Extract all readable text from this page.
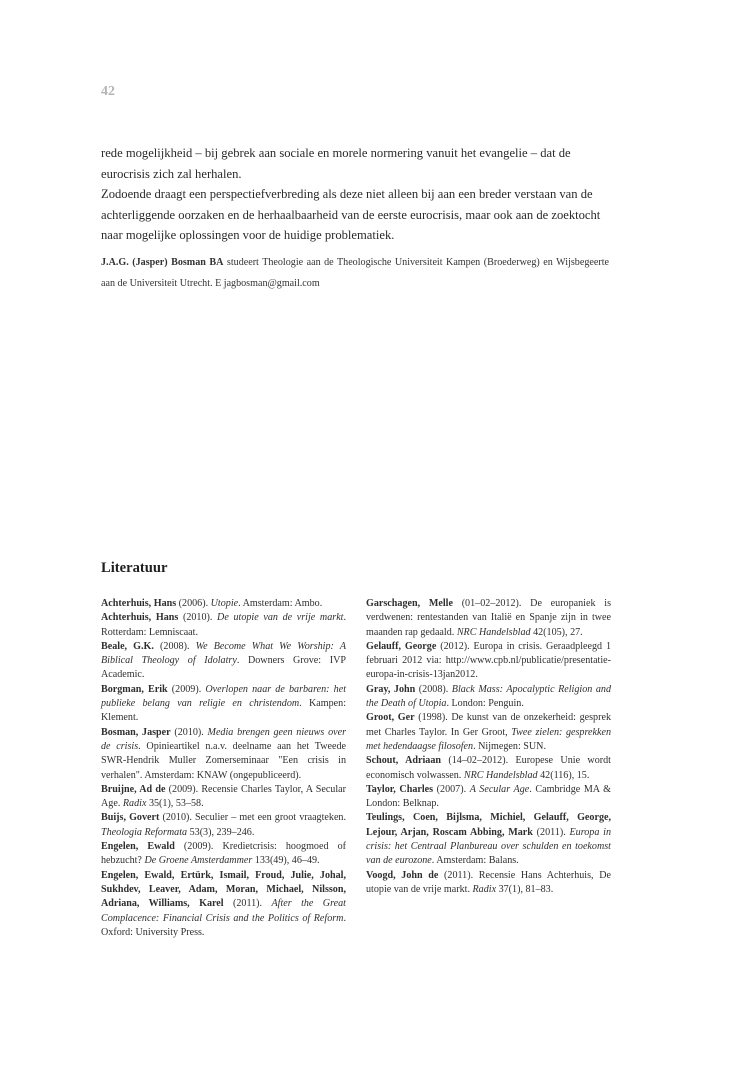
42

rede mogelijkheid – bij gebrek aan sociale en morele normering vanuit het evangelie – dat de eurocrisis zich zal herhalen.

Zodoende draagt een perspectiefverbreding als deze niet alleen bij aan een breder verstaan van de achterliggende oorzaken en de herhaalbaarheid van de eerste eurocrisis, maar ook aan de zoektocht naar mogelijke oplossingen voor de huidige problematiek.

J.A.G. (Jasper) Bosman BA studeert Theologie aan de Theologische Universiteit Kampen (Broederweg) en Wijsbegeerte aan de Universiteit Utrecht. E jagbosman@gmail.com
Literatuur

Achterhuis, Hans (2006). Utopie. Amsterdam: Ambo.

Achterhuis, Hans (2010). De utopie van de vrije markt. Rotterdam: Lemniscaat.

Beale, G.K. (2008). We Become What We Worship: A Biblical Theology of Idolatry. Downers Grove: IVP Academic.

Borgman, Erik (2009). Overlopen naar de barbaren: het publieke belang van religie en christendom. Kampen: Klement.

Bosman, Jasper (2010). Media brengen geen nieuws over de crisis. Opinieartikel n.a.v. deelname aan het Tweede SWR-Hendrik Muller Zomerseminaar "Een crisis in verhalen". Amsterdam: KNAW (ongepubliceerd).

Bruijne, Ad de (2009). Recensie Charles Taylor, A Secular Age. Radix 35(1), 53–58.

Buijs, Govert (2010). Seculier – met een groot vraagteken. Theologia Reformata 53(3), 239–246.

Engelen, Ewald (2009). Kredietcrisis: hoogmoed of hebzucht? De Groene Amsterdammer 133(49), 46–49.

Engelen, Ewald, Ertürk, Ismail, Froud, Julie, Johal, Sukhdev, Leaver, Adam, Moran, Michael, Nilsson, Adriana, Williams, Karel (2011). After the Great Complacence: Financial Crisis and the Politics of Reform. Oxford: University Press.

Garschagen, Melle (01–02–2012). De europaniek is verdwenen: rentestanden van Italië en Spanje zijn in twee maanden rap gedaald. NRC Handelsblad 42(105), 27.

Gelauff, George (2012). Europa in crisis. Geraadpleegd 1 februari 2012 via: http://www.cpb.nl/publicatie/presentatie-europa-in-crisis-13jan2012.

Gray, John (2008). Black Mass: Apocalyptic Religion and the Death of Utopia. London: Penguin.

Groot, Ger (1998). De kunst van de onzekerheid: gesprek met Charles Taylor. In Ger Groot, Twee zielen: gesprekken met hedendaagse filosofen. Nijmegen: SUN.

Schout, Adriaan (14–02–2012). Europese Unie wordt economisch volwassen. NRC Handelsblad 42(116), 15.

Taylor, Charles (2007). A Secular Age. Cambridge MA & London: Belknap.

Teulings, Coen, Bijlsma, Michiel, Gelauff, George, Lejour, Arjan, Roscam Abbing, Mark (2011). Europa in crisis: het Centraal Planbureau over schulden en toekomst van de eurozone. Amsterdam: Balans.

Voogd, John de (2011). Recensie Hans Achterhuis, De utopie van de vrije markt. Radix 37(1), 81–83.
